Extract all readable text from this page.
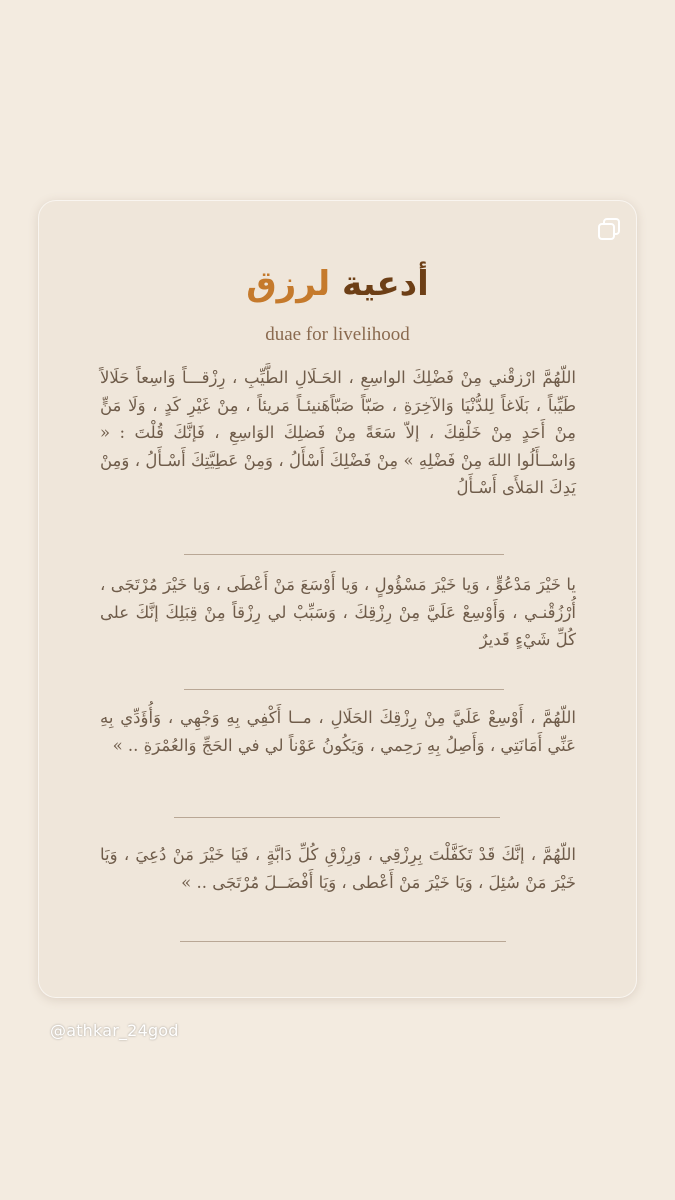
أدعية لرزق
duae for livelihood
اللّهُمَّ ارْزقْني مِنْ فَضْلِكَ الواسِعِ ، الحَـلَالِ الطَّيِّبِ ، رِزْقـــاً وَاسِعاً حَلَالاً طَيِّباً ، بَلَاغاً لِلدُّنْيَا وَالآخِرَةِ ، صَبّاً صَبّاًهَنيئـاً مَريئاً ، مِنْ غَيْرِ كَدٍ ، وَلَا مَنٍّ مِنْ أَحَدٍ مِنْ خَلْقِكَ ، إلاّ سَعَةً مِنْ فَضلِكَ الوَاسِعِ ، فَإنَّكَ قُلْتَ : « وَاسْــأَلُوا اللهَ مِنْ فَضْلِهِ » مِنْ فَضْلِكَ أَسْأَلُ ، وَمِنْ عَطِيَّتِكَ أَسْـأَلُ ، وَمِنْ يَدِكَ المَلأَى أَسْـأَلُ
يا خَيْرَ مَدْعُوٍّ ، وَيا خَيْرَ مَسْؤُولٍ ، وَيا أَوْسَعَ مَنْ أَعْطَى ، وَيا خَيْرَ مُرْتَجَى ، أُرْزُقْنـي ، وَأَوْسِعْ عَلَيَّ مِنْ رِزْقِكَ ، وَسَبِّبْ لي رِزْقاً مِنْ قِبَلِكَ إنَّكَ على كُلِّ شَيْءٍ قَديرٌ
اللّهُمَّ ، أَوْسِعْ عَلَيَّ مِنْ رِزْقِكَ الحَلَالِ ، مــا أَكْفِي بِهِ وَجْهِي ، وَأُؤَدِّي بِهِ عَنِّي أَمَانَتِي ، وَأَصِلُ بِهِ رَحِمي ، وَيَكُونُ عَوْناً لي في الحَجِّ وَالعُمْرَةِ .. »
اللّهُمَّ ، إنَّكَ قَدْ تَكَفَّلْتَ بِرِزْقِي ، وَرِزْقِ كُلِّ دَابَّةٍ ، فَيَا خَيْرَ مَنْ دُعِيَ ، وَيَا خَيْرَ مَنْ سُئِلَ ، وَيَا خَيْرَ مَنْ أَعْطى ، وَيَا أَفْضَــلَ مُرْتَجَى .. »
@athkar_24god
